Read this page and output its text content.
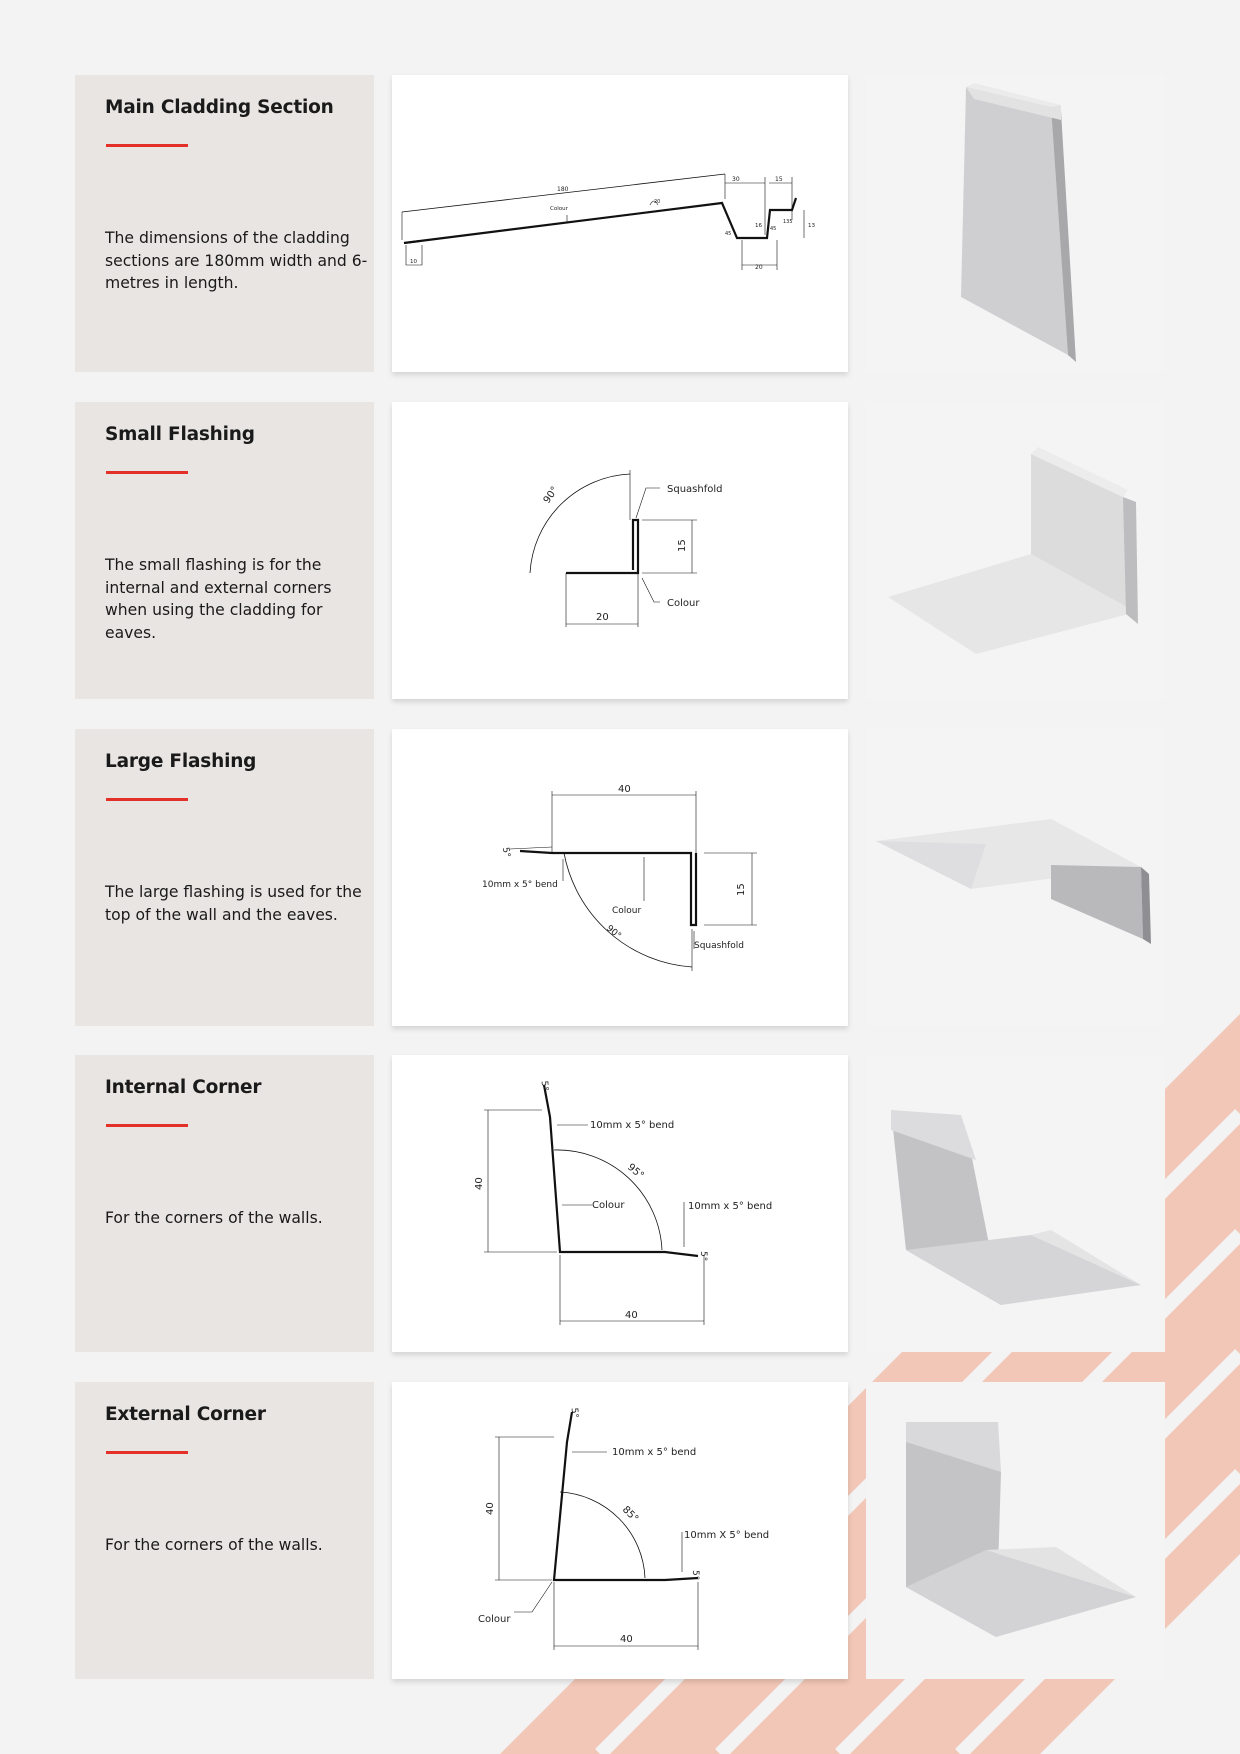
Main Cladding Section

The dimensions of the cladding sections are 180mm width and 6-metres in length.

180
Colour
30	15
16
20
13
10
45
45
135
20
Small Flashing

The small flashing is for the internal and external corners when using the cladding for eaves.

90°	Squashfold
15
Colour
20
Large Flashing

The large flashing is used for the top of the wall and the eaves.

40
5°
10mm x 5° bend	15
Colour
90°
Squashfold
Internal Corner

For the corners of the walls.

5°
10mm x 5° bend
40
95°
Colour	10mm x 5° bend
5°
40
External Corner

For the corners of the walls.

5°
10mm x 5° bend
40	85°
10mm X 5° bend
5°
Colour
40
